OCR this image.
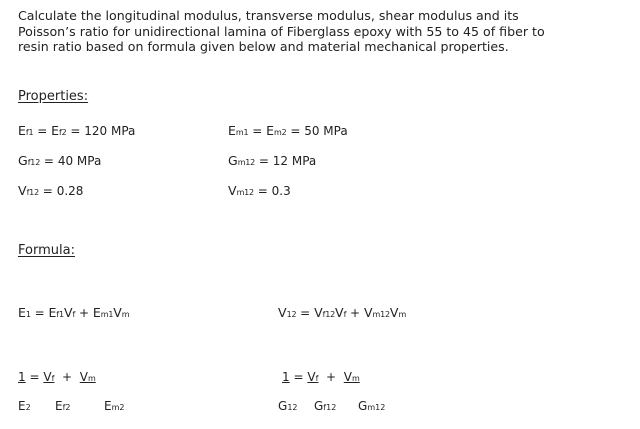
Calculate the longitudinal modulus, transverse modulus, shear modulus and its
Poisson’s ratio for unidirectional lamina of Fiberglass epoxy with 55 to 45 of fiber to
resin ratio based on formula given below and material mechanical properties.
Properties:
Ef1 = Ef2 = 120 MPa	Em1 = Em2 = 50 MPa
Gf12 = 40 MPa	Gm12 = 12 MPa
Vf12 = 0.28	Vm12 = 0.3
Formula:
E1 = Ef1Vf + Em1Vm	V12 = Vf12Vf + Vm12Vm
1 = Vf + Vm
E2 Ef2	Em2
1 = Vf + Vm
G12 Gf12 Gm12
